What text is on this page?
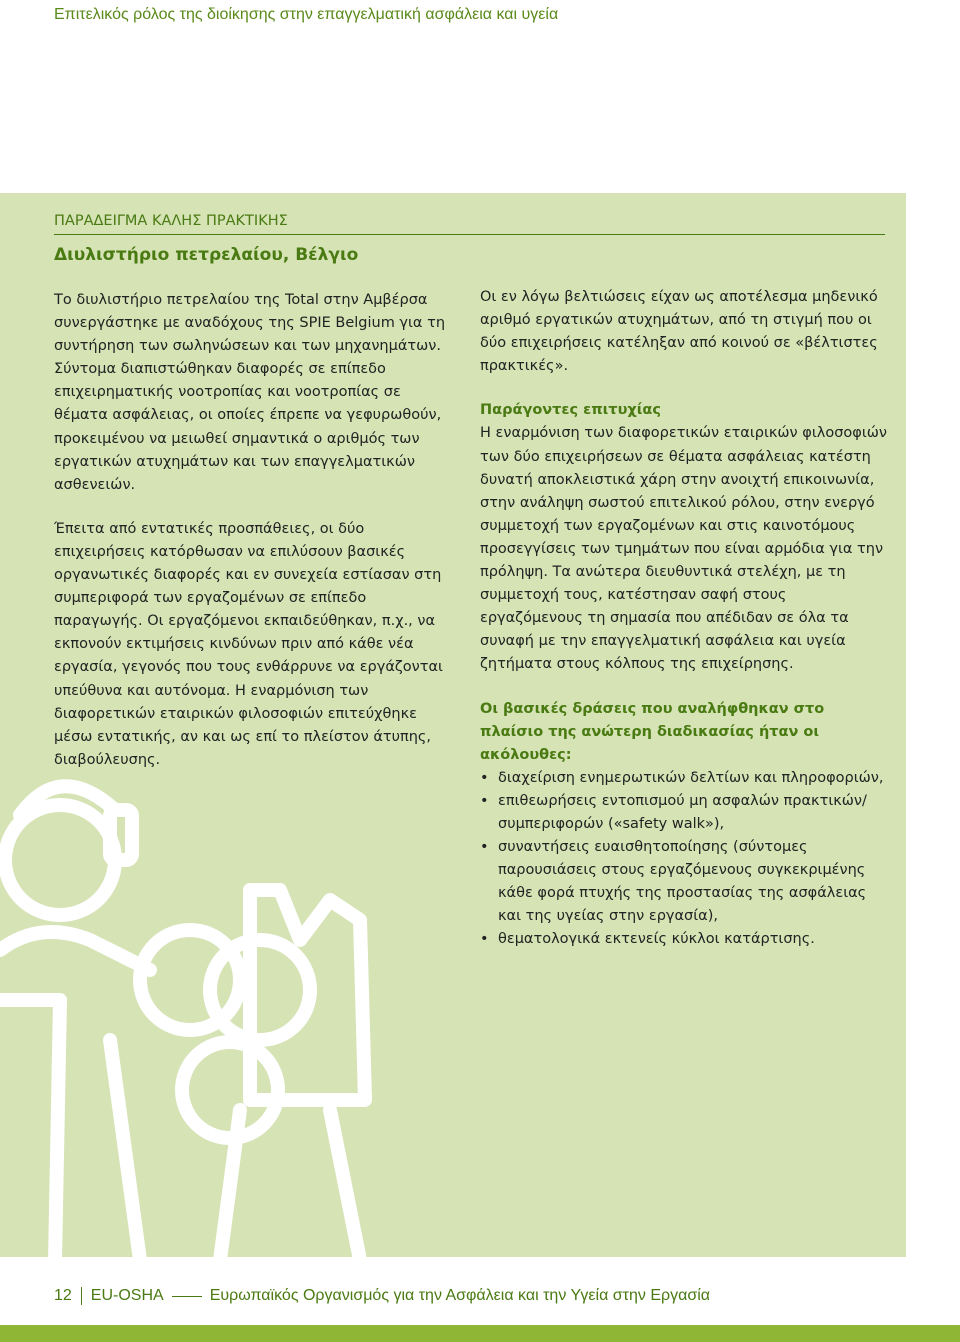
Επιτελικός ρόλος της διοίκησης στην επαγγελματική ασφάλεια και υγεία
ΠΑΡΑΔΕΙΓΜΑ ΚΑΛΗΣ ΠΡΑΚΤΙΚΗΣ
Διυλιστήριο πετρελαίου, Βέλγιο

Το διυλιστήριο πετρελαίου της Total στην Αμβέρσα συνεργάστηκε με αναδόχους της SPIE Belgium για τη συντήρηση των σωληνώσεων και των μηχανημάτων. Σύντομα διαπιστώθηκαν διαφορές σε επίπεδο επιχειρηματικής νοοτροπίας και νοοτροπίας σε θέματα ασφάλειας, οι οποίες έπρεπε να γεφυρωθούν, προκειμένου να μειωθεί σημαντικά ο αριθμός των εργατικών ατυχημάτων και των επαγγελματικών ασθενειών.

Έπειτα από εντατικές προσπάθειες, οι δύο επιχειρήσεις κατόρθωσαν να επιλύσουν βασικές οργανωτικές διαφορές και εν συνεχεία εστίασαν στη συμπεριφορά των εργαζομένων σε επίπεδο παραγωγής. Οι εργαζόμενοι εκπαιδεύθηκαν, π.χ., να εκπονούν εκτιμήσεις κινδύνων πριν από κάθε νέα εργασία, γεγονός που τους ενθάρρυνε να εργάζονται υπεύθυνα και αυτόνομα. Η εναρμόνιση των διαφορετικών εταιρικών φιλοσοφιών επιτεύχθηκε μέσω εντατικής, αν και ως επί το πλείστον άτυπης, διαβούλευσης.

Οι εν λόγω βελτιώσεις είχαν ως αποτέλεσμα μηδενικό αριθμό εργατικών ατυχημάτων, από τη στιγμή που οι δύο επιχειρήσεις κατέληξαν από κοινού σε «βέλτιστες πρακτικές».

Παράγοντες επιτυχίας

Η εναρμόνιση των διαφορετικών εταιρικών φιλοσοφιών των δύο επιχειρήσεων σε θέματα ασφάλειας κατέστη δυνατή αποκλειστικά χάρη στην ανοιχτή επικοινωνία, στην ανάληψη σωστού επιτελικού ρόλου, στην ενεργό συμμετοχή των εργαζομένων και στις καινοτόμους προσεγγίσεις των τμημάτων που είναι αρμόδια για την πρόληψη. Τα ανώτερα διευθυντικά στελέχη, με τη συμμετοχή τους, κατέστησαν σαφή στους εργαζόμενους τη σημασία που απέδιδαν σε όλα τα συναφή με την επαγγελματική ασφάλεια και υγεία ζητήματα στους κόλπους της επιχείρησης.

Οι βασικές δράσεις που αναλήφθηκαν στο πλαίσιο της ανώτερη διαδικασίας ήταν οι ακόλουθες:
• διαχείριση ενημερωτικών δελτίων και πληροφοριών,
• επιθεωρήσεις εντοπισμού μη ασφαλών πρακτικών/ συμπεριφορών («safety walk»),
• συναντήσεις ευαισθητοποίησης (σύντομες παρουσιάσεις στους εργαζόμενους συγκεκριμένης κάθε φορά πτυχής της προστασίας της ασφάλειας και της υγείας στην εργασία),
• θεματολογικά εκτενείς κύκλοι κατάρτισης.
12 EU-OSHA	Ευρωπαϊκός Οργανισμός για την Ασφάλεια και την Υγεία στην Εργασία
